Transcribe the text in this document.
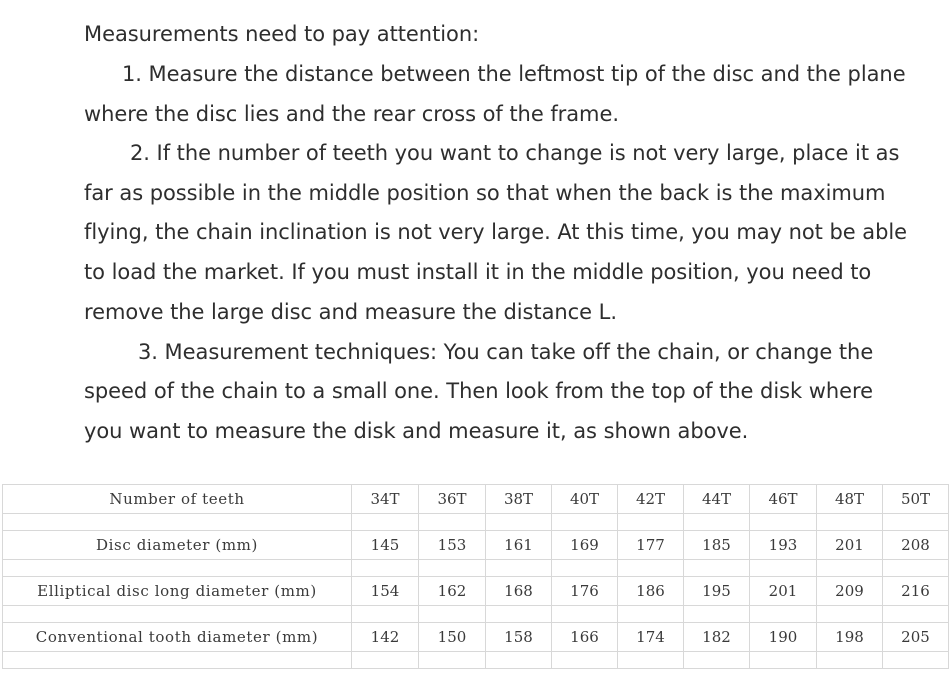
Measurements need to pay attention:
1. Measure the distance between the leftmost tip of the disc and the plane
where the disc lies and the rear cross of the frame.
2. If the number of teeth you want to change is not very large, place it as
far as possible in the middle position so that when the back is the maximum
flying, the chain inclination is not very large. At this time, you may not be able
to load the market. If you must install it in the middle position, you need to
remove the large disc and measure the distance L.
3. Measurement techniques: You can take off the chain, or change the
speed of the chain to a small one. Then look from the top of the disk where
you want to measure the disk and measure it, as shown above.
Number of teeth	34T	36T	38T	40T	42T	44T	46T	48T	50T

Disc diameter (mm)	145	153	161	169	177	185	193	201	208

Elliptical disc long diameter (mm)	154	162	168	176	186	195	201	209	216

Conventional tooth diameter (mm)	142	150	158	166	174	182	190	198	205
